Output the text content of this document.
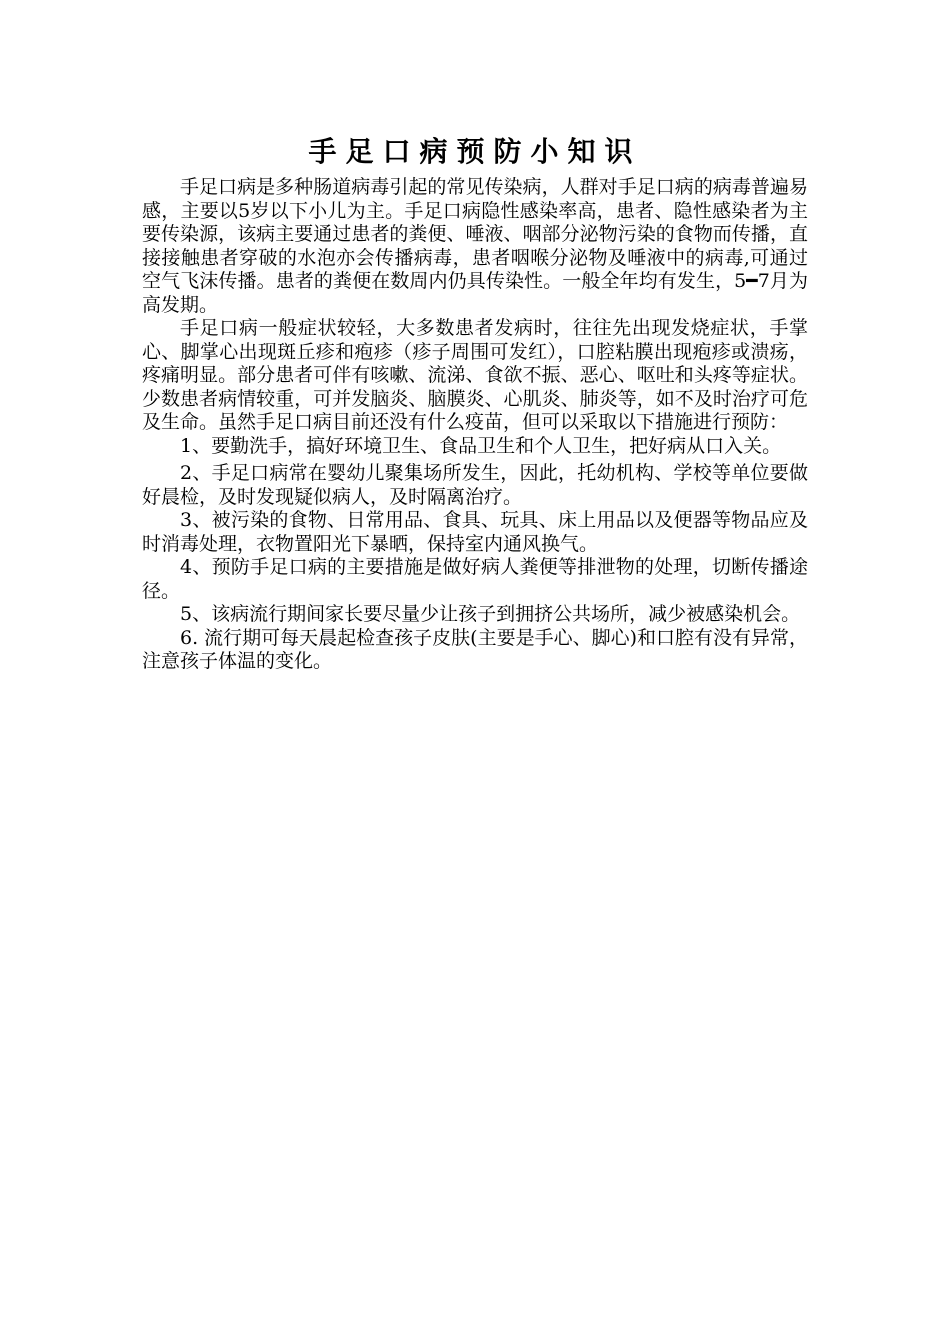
手足口病预防小知识

手足口病是多种肠道病毒引起的常见传染病，人群对手足口病的病毒普遍易感，主要以5岁以下小儿为主。手足口病隐性感染率高，患者、隐性感染者为主要传染源，该病主要通过患者的粪便、唾液、咽部分泌物污染的食物而传播，直接接触患者穿破的水泡亦会传播病毒，患者咽喉分泌物及唾液中的病毒,可通过空气飞沫传播。患者的粪便在数周内仍具传染性。一般全年均有发生，5━7月为高发期。

手足口病一般症状较轻，大多数患者发病时，往往先出现发烧症状，手掌心、脚掌心出现斑丘疹和疱疹（疹子周围可发红），口腔粘膜出现疱疹或溃疡，疼痛明显。部分患者可伴有咳嗽、流涕、食欲不振、恶心、呕吐和头疼等症状。少数患者病情较重，可并发脑炎、脑膜炎、心肌炎、肺炎等，如不及时治疗可危及生命。虽然手足口病目前还没有什么疫苗，但可以采取以下措施进行预防：

1、要勤洗手，搞好环境卫生、食品卫生和个人卫生，把好病从口入关。

2、手足口病常在婴幼儿聚集场所发生，因此，托幼机构、学校等单位要做好晨检，及时发现疑似病人，及时隔离治疗。

3、被污染的食物、日常用品、食具、玩具、床上用品以及便器等物品应及时消毒处理，衣物置阳光下暴晒，保持室内通风换气。

4、预防手足口病的主要措施是做好病人粪便等排泄物的处理，切断传播途径。

5、该病流行期间家长要尽量少让孩子到拥挤公共场所，减少被感染机会。

6. 流行期可每天晨起检查孩子皮肤(主要是手心、脚心)和口腔有没有异常，注意孩子体温的变化。
